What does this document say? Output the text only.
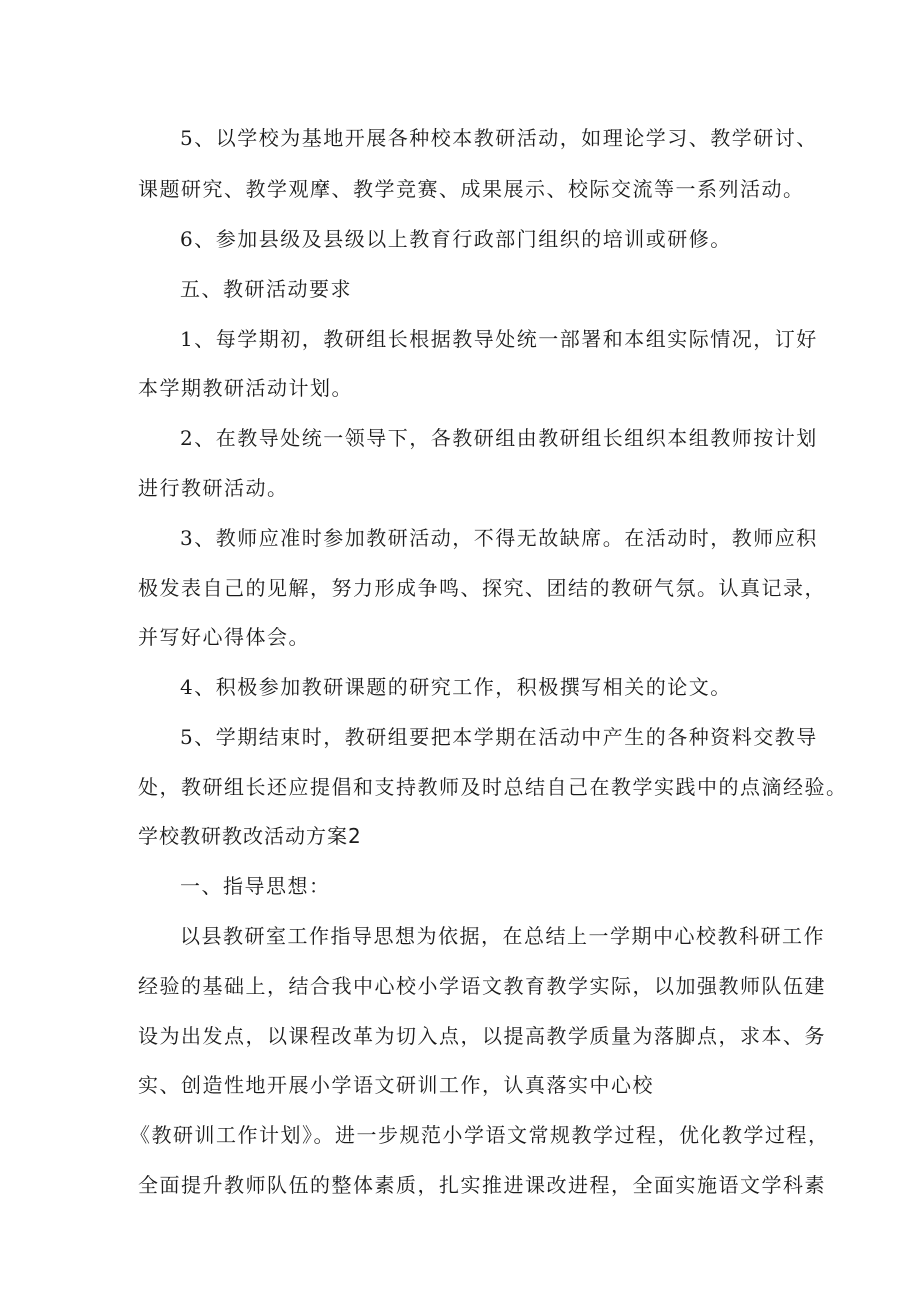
5、以学校为基地开展各种校本教研活动，如理论学习、教学研讨、
课题研究、教学观摩、教学竞赛、成果展示、校际交流等一系列活动。
6、参加县级及县级以上教育行政部门组织的培训或研修。
五、教研活动要求
1、每学期初，教研组长根据教导处统一部署和本组实际情况，订好
本学期教研活动计划。
2、在教导处统一领导下，各教研组由教研组长组织本组教师按计划
进行教研活动。
3、教师应准时参加教研活动，不得无故缺席。在活动时，教师应积
极发表自己的见解，努力形成争鸣、探究、团结的教研气氛。认真记录，
并写好心得体会。
4、积极参加教研课题的研究工作，积极撰写相关的论文。
5、学期结束时，教研组要把本学期在活动中产生的各种资料交教导
处，教研组长还应提倡和支持教师及时总结自己在教学实践中的点滴经验。
学校教研教改活动方案2
一、指导思想：
以县教研室工作指导思想为依据，在总结上一学期中心校教科研工作
经验的基础上，结合我中心校小学语文教育教学实际，以加强教师队伍建
设为出发点，以课程改革为切入点，以提高教学质量为落脚点，求本、务
实、创造性地开展小学语文研训工作，认真落实中心校
《教研训工作计划》。进一步规范小学语文常规教学过程，优化教学过程，
全面提升教师队伍的整体素质，扎实推进课改进程，全面实施语文学科素
